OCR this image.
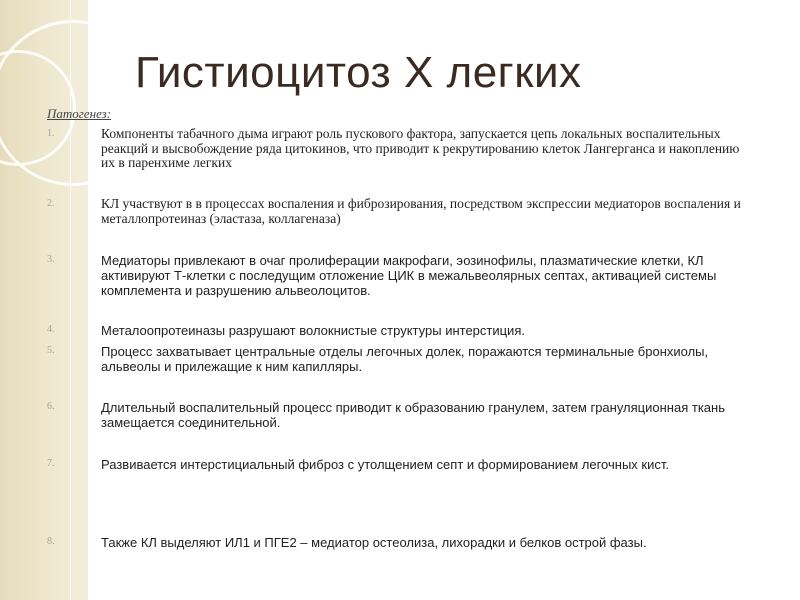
Гистиоцитоз Х легких
Патогенез:
1.	Компоненты табачного дыма играют роль пускового фактора, запускается цепь локальных воспалительных реакций и высвобождение ряда цитокинов, что приводит к рекрутированию клеток Лангерганса и накоплению их в паренхиме легких
2.	КЛ участвуют в в процессах воспаления и фиброзирования, посредством экспрессии медиаторов воспаления и металлопротеиназ (эластаза, коллагеназа)
3.	Медиаторы привлекают в очаг пролиферации макрофаги, эозинофилы, плазматические клетки, КЛ активируют Т-клетки с последущим отложение ЦИК в межальвеолярных септах, активацией системы комплемента и разрушению альвеолоцитов.
4.	Металоопротеиназы разрушают волокнистые структуры интерстиция.
5.	Процесс захватывает центральные отделы легочных долек, поражаются терминальные бронхиолы, альвеолы и прилежащие к ним капилляры.
6.	Длительный воспалительный процесс приводит к образованию гранулем, затем грануляционная ткань замещается соединительной.
7.	Развивается интерстициальный фиброз с утолщением септ и формированием легочных кист.
8.	Также КЛ выделяют ИЛ1 и ПГЕ2 – медиатор остеолиза, лихорадки и белков острой фазы.
